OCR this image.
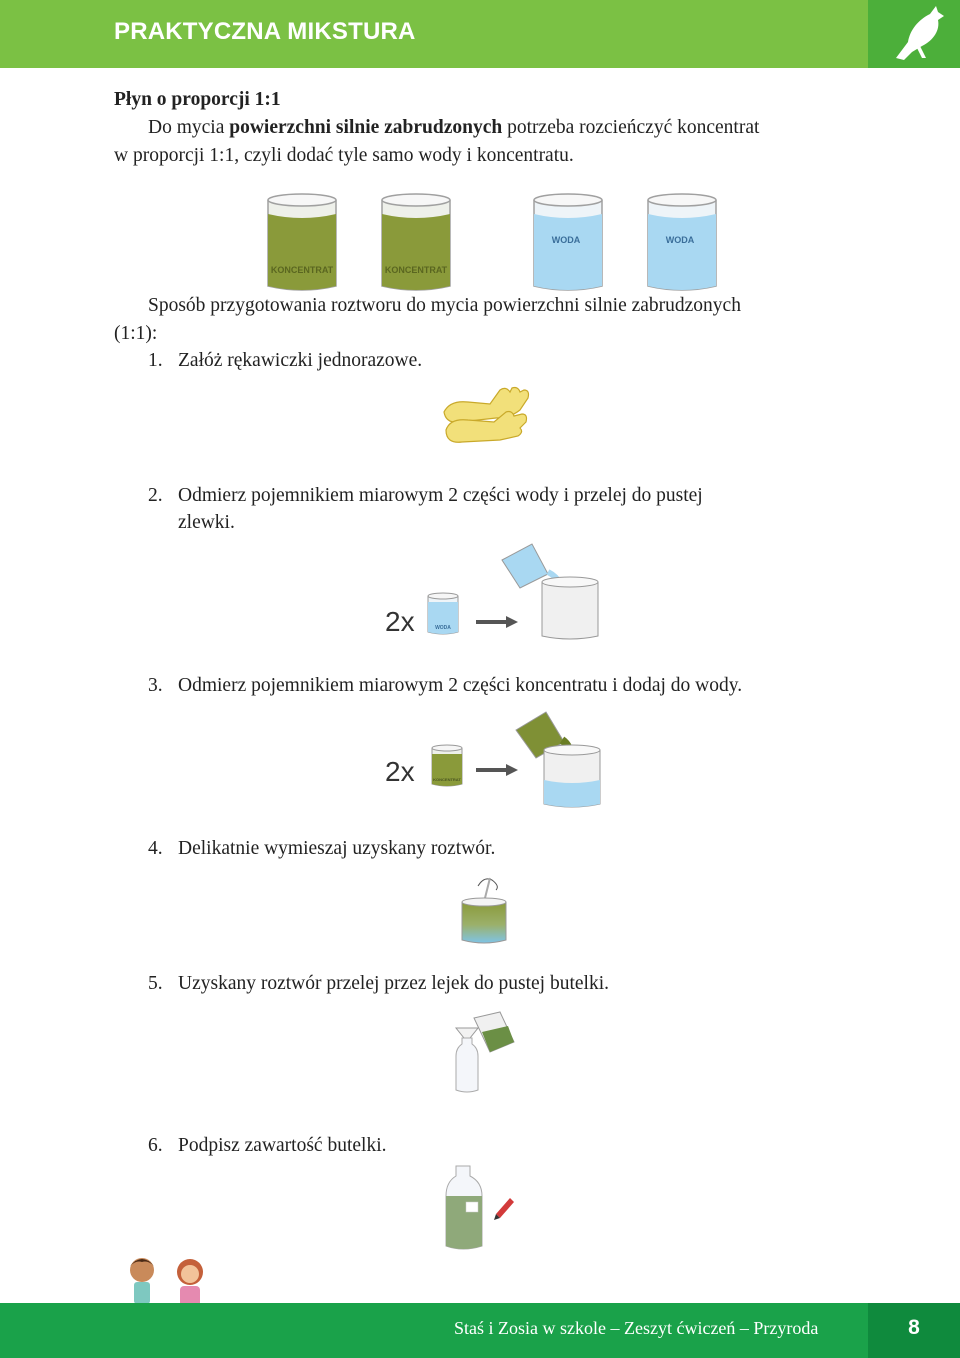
PRAKTYCZNA MIKSTURA
Płyn o proporcji 1:1
Do mycia powierzchni silnie zabrudzonych potrzeba rozcieńczyć koncentrat
w proporcji 1:1, czyli dodać tyle samo wody i koncentratu.
KONCENTRAT	KONCENTRAT
WODA	WODA
Sposób przygotowania roztworu do mycia powierzchni silnie zabrudzonych
(1:1):
1. Załóż rękawiczki jednorazowe.
2. Odmierz pojemnikiem miarowym 2 części wody i przelej do pustej
zlewki.
2x	WODA
3. Odmierz pojemnikiem miarowym 2 części koncentratu i dodaj do wody.
2x	KONCENTRAT
4. Delikatnie wymieszaj uzyskany roztwór.
5. Uzyskany roztwór przelej przez lejek do pustej butelki.
6. Podpisz zawartość butelki.
Staś i Zosia w szkole – Zeszyt ćwiczeń – Przyroda	8
